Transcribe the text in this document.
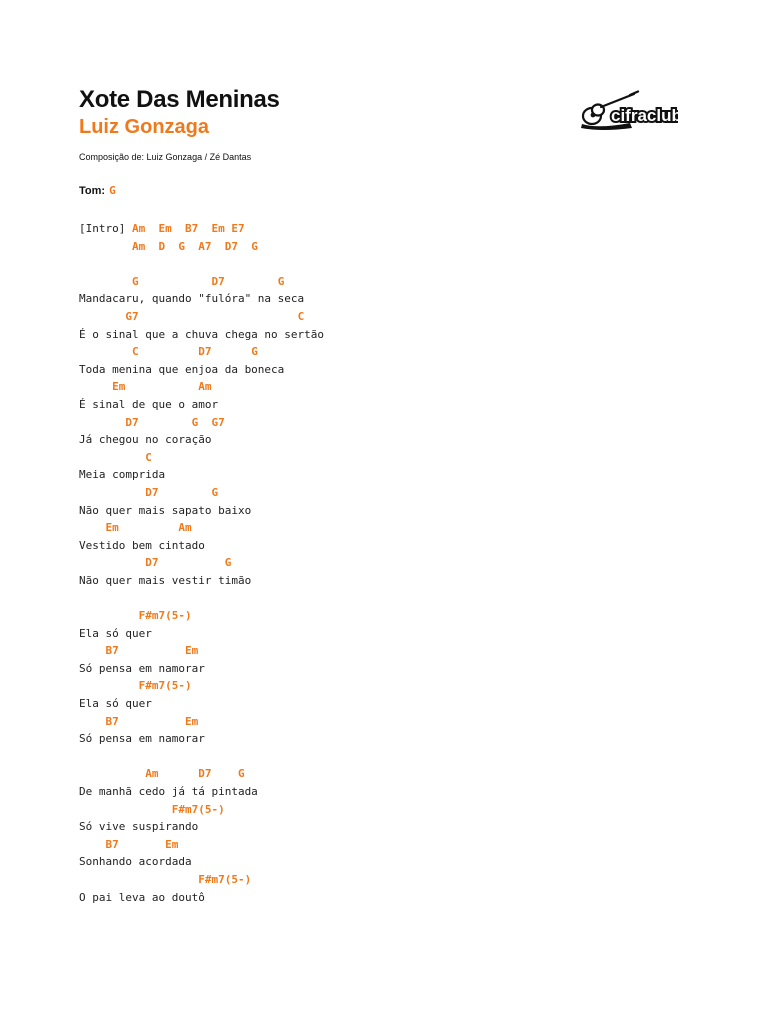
Xote Das Meninas
Luiz Gonzaga
Composição de: Luiz Gonzaga / Zé Dantas
cifraclub
Tom: G
[Intro] Am  Em  B7  Em E7
Am  D  G  A7  D7  G
G	D7	G
Mandacaru, quando "fulóra" na seca
G7	C
É o sinal que a chuva chega no sertão
C	D7	G
Toda menina que enjoa da boneca
Em	Am
É sinal de que o amor
D7	G G7
Já chegou no coração
C
Meia comprida
D7	G
Não quer mais sapato baixo
Em	Am
Vestido bem cintado
D7	G
Não quer mais vestir timão
F#m7(5-)
Ela só quer
B7	Em
Só pensa em namorar
F#m7(5-)
Ela só quer
B7	Em
Só pensa em namorar
Am	D7 G
De manhã cedo já tá pintada
F#m7(5-)
Só vive suspirando
B7	Em
Sonhando acordada
F#m7(5-)
O pai leva ao doutô
